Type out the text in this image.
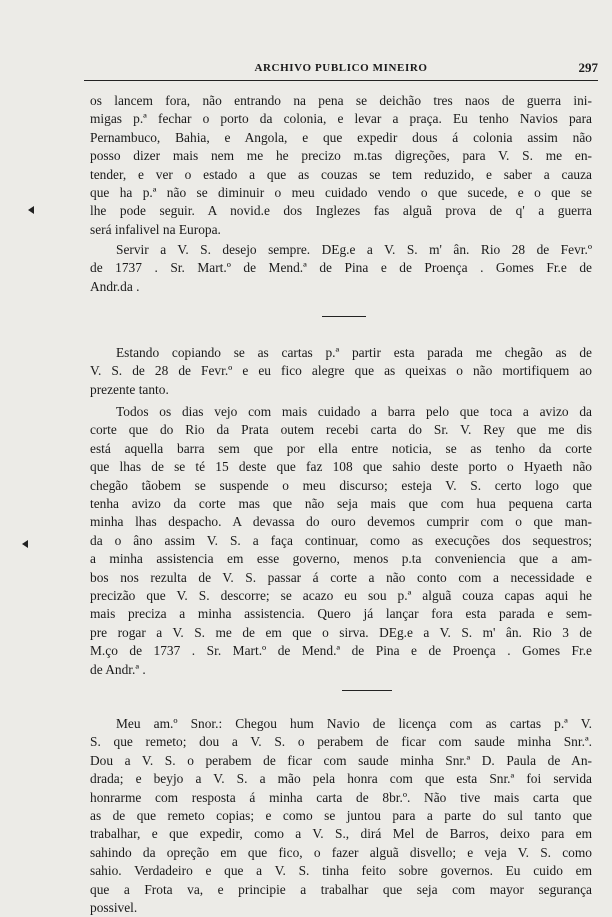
ARCHIVO PUBLICO MINEIRO	297
os lancem fora, não entrando na pena se deichão tres naos de guerra ini-
migas p.ª fechar o porto da colonia, e levar a praça. Eu tenho Navios para
Pernambuco, Bahia, e Angola, e que expedir dous á colonia assim não
posso dizer mais nem me he precizo m.tas digreções, para V. S. me en-
tender, e ver o estado a que as couzas se tem reduzido, e saber a cauza
que ha p.ª não se diminuir o meu cuidado vendo o que sucede, e o que se
lhe pode seguir. A novid.e dos Inglezes fas alguã prova de q' a guerra
será infalivel na Europa.
Servir a V. S. desejo sempre. DEg.e a V. S. m' ân. Rio 28 de Fevr.º
de 1737 . Sr. Mart.º de Mend.ª de Pina e de Proença . Gomes Fr.e de
Andr.da .
Estando copiando se as cartas p.ª partir esta parada me chegão as de
V. S. de 28 de Fevr.º e eu fico alegre que as queixas o não mortifiquem ao
prezente tanto.
Todos os dias vejo com mais cuidado a barra pelo que toca a avizo da
corte que do Rio da Prata outem recebi carta do Sr. V. Rey que me dis
está aquella barra sem que por ella entre noticia, se as tenho da corte
que lhas de se té 15 deste que faz 108 que sahio deste porto o Hyaeth não
chegão tãobem se suspende o meu discurso; esteja V. S. certo logo que
tenha avizo da corte mas que não seja mais que com hua pequena carta
minha lhas despacho. A devassa do ouro devemos cumprir com o que man-
da o âno assim V. S. a faça continuar, como as execuções dos sequestros;
a minha assistencia em esse governo, menos p.ta conveniencia que a am-
bos nos rezulta de V. S. passar á corte a não conto com a necessidade e
precizão que V. S. descorre; se acazo eu sou p.ª alguã couza capas aqui he
mais preciza a minha assistencia. Quero já lançar fora esta parada e sem-
pre rogar a V. S. me de em que o sirva. DEg.e a V. S. m' ân. Rio 3 de
M.ço de 1737 . Sr. Mart.º de Mend.ª de Pina e de Proença . Gomes Fr.e
de Andr.ª .
Meu am.º Snor.: Chegou hum Navio de licença com as cartas p.ª V.
S. que remeto; dou a V. S. o perabem de ficar com saude minha Snr.ª.
Dou a V. S. o perabem de ficar com saude minha Snr.ª D. Paula de An-
drada; e beyjo a V. S. a mão pela honra com que esta Snr.ª foi servida
honrarme com resposta á minha carta de 8br.º. Não tive mais carta que
as de que remeto copias; e como se juntou para a parte do sul tanto que
trabalhar, e que expedir, como a V. S., dirá Mel de Barros, deixo para em
sahindo da opreção em que fico, o fazer alguã disvello; e veja V. S. como
sahio. Verdadeiro e que a V. S. tinha feito sobre governos. Eu cuido em
que a Frota va, e principie a trabalhar que seja com mayor segurança
possivel.
